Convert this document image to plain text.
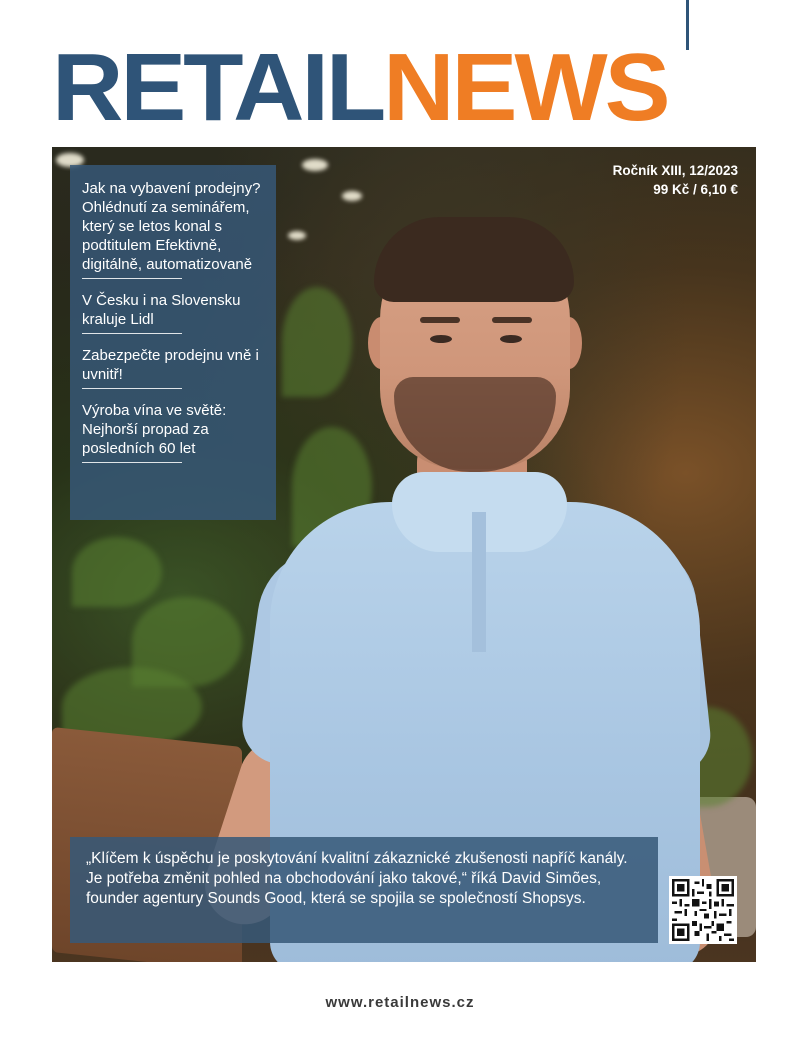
RETAILNEWS
Ročník XIII, 12/2023
99 Kč / 6,10 €
Jak na vybavení prodejny? Ohlédnutí za seminářem, který se letos konal s podtitulem Efektivně, digitálně, automatizovaně
V Česku i na Slovensku kraluje Lidl
Zabezpečte prodejnu vně i uvnitř!
Výroba vína ve světě: Nejhorší propad za posledních 60 let
„Klíčem k úspěchu je poskytování kvalitní zákaznické zkušenosti napříč kanály. Je potřeba změnit pohled na obchodování jako takové,“ říká David Simões, founder agentury Sounds Good, která se spojila se společností Shopsys.
www.retailnews.cz
